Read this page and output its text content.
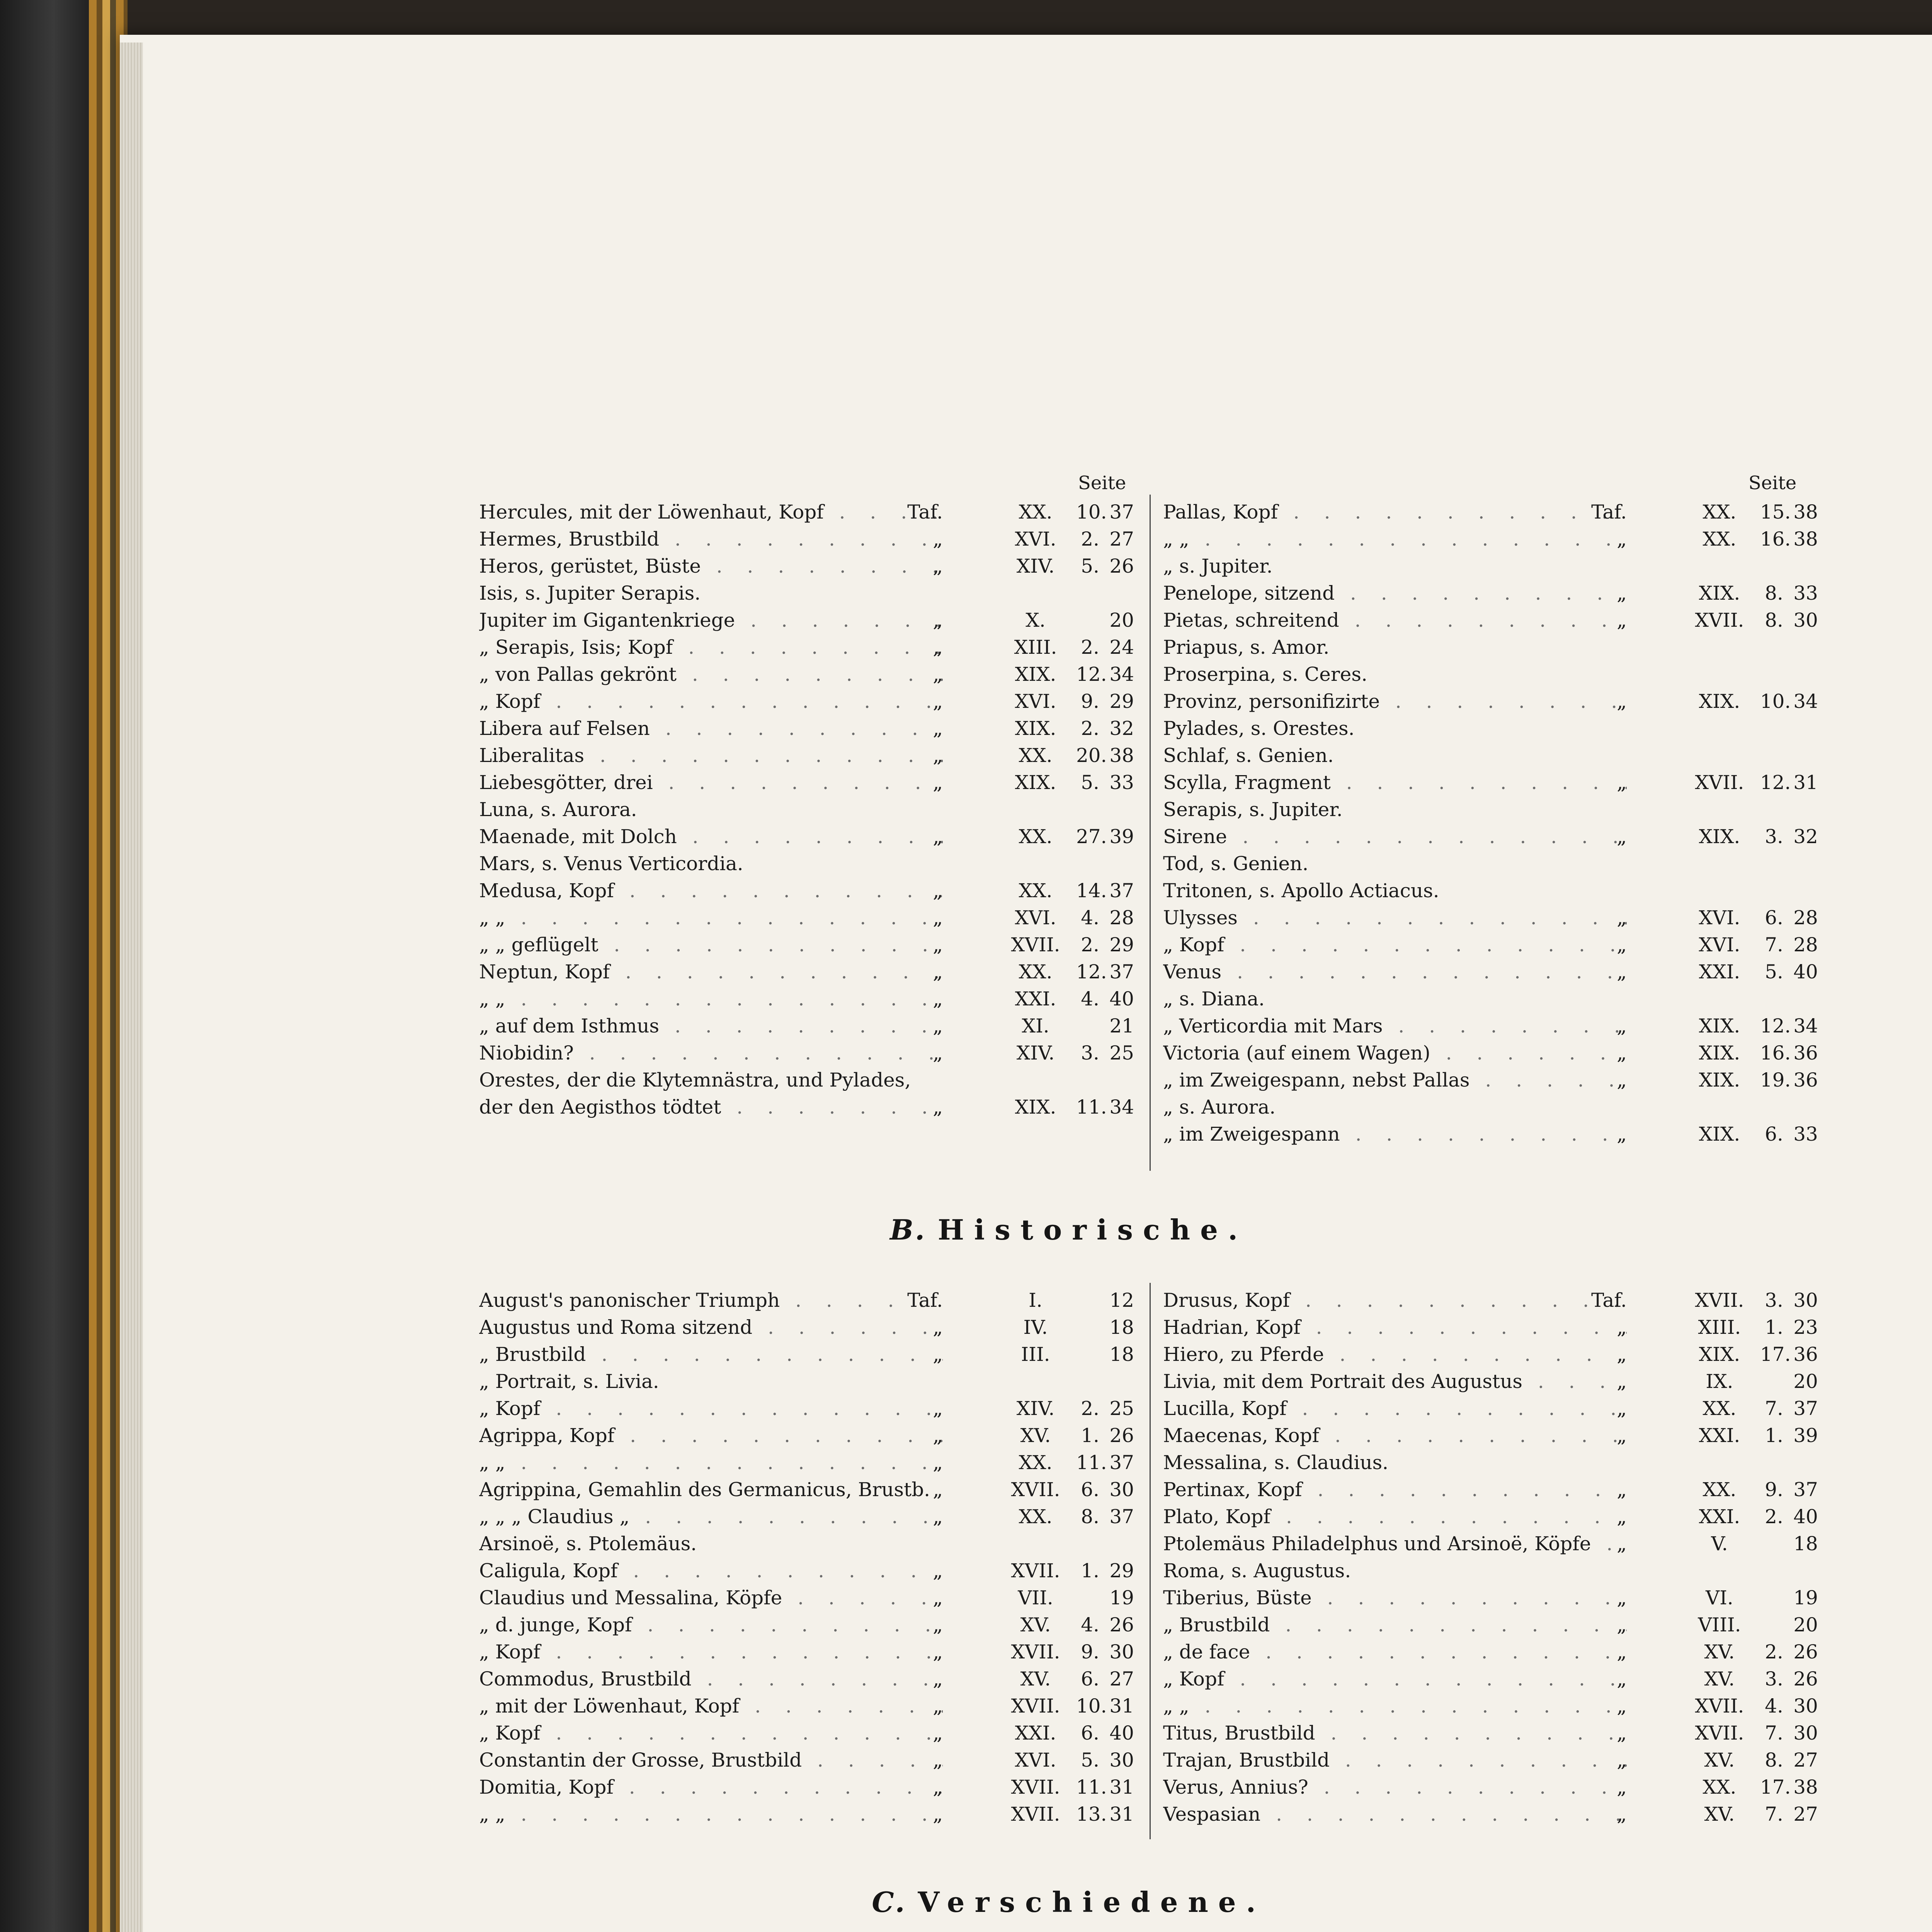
Seite	Seite
Hercules, mit der Löwenhaut, Kopf . . .	Taf.	XX.	10. 37
Hermes, Brustbild . . .	„	XVI.	2. 27
Heros, gerüstet, Büste . . .	„	XIV.	5. 26
Isis, s. Jupiter Serapis.
Jupiter im Gigantenkriege . . .	„	X.	20
„ Serapis, Isis; Kopf . . .	„	XIII.	2. 24
„ von Pallas gekrönt . . .	„	XIX.	12. 34
„ Kopf . . .	„	XVI.	9. 29
Libera auf Felsen . . .	„	XIX.	2. 32
Liberalitas . . .	„	XX.	20. 38
Liebesgötter, drei . . .	„	XIX.	5. 33
Luna, s. Aurora.
Maenade, mit Dolch . . .	„	XX.	27. 39
Mars, s. Venus Verticordia.
Medusa, Kopf . . .	„	XX.	14. 37
„ „ . . .	„	XVI.	4. 28
„ „ geflügelt . . .	„	XVII.	2. 29
Neptun, Kopf . . .	„	XX.	12. 37
„ „ . . .	„	XXI.	4. 40
„ auf dem Isthmus . . .	„	XI.	21
Niobidin? . . .	„	XIV.	3. 25
Orestes, der die Klytemnästra, und Pylades,
der den Aegisthos tödtet . . .	„	XIX.	11. 34
Pallas, Kopf . . .	Taf.	XX.	15. 38
„ „ . . .	„	XX.	16. 38
„ s. Jupiter.
Penelope, sitzend . . .	„	XIX.	8. 33
Pietas, schreitend . . .	„	XVII.	8. 30
Priapus, s. Amor.
Proserpina, s. Ceres.
Provinz, personifizirte . . .	„	XIX.	10. 34
Pylades, s. Orestes.
Schlaf, s. Genien.
Scylla, Fragment . . .	„	XVII. 12. 31
Serapis, s. Jupiter.
Sirene . . .	„	XIX.	3. 32
Tod, s. Genien.
Tritonen, s. Apollo Actiacus.
Ulysses . . .	„	XVI.	6. 28
„ Kopf . . .	„	XVI.	7. 28
Venus . . .	„	XXI.	5. 40
„ s. Diana.
„ Verticordia mit Mars . . .	„	XIX.	12. 34
Victoria (auf einem Wagen) . . .	„	XIX.	16. 36
„ im Zweigespann, nebst Pallas . . .	„	XIX.	19. 36
„ s. Aurora.
„ im Zweigespann . . .	„	XIX.	6. 33
B. Historische.
August's panonischer Triumph . . .	Taf.	I.	12
Augustus und Roma sitzend . . .	„	IV.	18
„ Brustbild . . .	„	III.	18
„ Portrait, s. Livia.
„ Kopf . . .	„	XIV.	2. 25
Agrippa, Kopf . . .	„	XV.	1. 26
„ „ . . .	„	XX.	11. 37
Agrippina, Gemahlin des Germanicus, Brustb. . . . „	XVII.	6. 30
„ „ „ Claudius „ . . .	„	XX.	8. 37
Arsinoë, s. Ptolemäus.
Caligula, Kopf . . .	„	XVII.	1. 29
Claudius und Messalina, Köpfe . . .	„	VII.	19
„ d. junge, Kopf . . .	„	XV.	4. 26
„ Kopf . . .	„	XVII.	9. 30
Commodus, Brustbild . . .	„	XV.	6. 27
„ mit der Löwenhaut, Kopf . . .	„	XVII. 10. 31
„ Kopf . . .	„	XXI.	6. 40
Constantin der Grosse, Brustbild . . .	„	XVI.	5. 30
Domitia, Kopf . . .	„	XVII. 11. 31
„ „ . . .	„	XVII. 13. 31
Drusus, Kopf . . .	Taf.	XVII.	3. 30
Hadrian, Kopf . . .	„	XIII.	1. 23
Hiero, zu Pferde . . .	„	XIX.	17. 36
Livia, mit dem Portrait des Augustus . . .	„	IX.	20
Lucilla, Kopf . . .	„	XX.	7. 37
Maecenas, Kopf . . .	„	XXI.	1. 39
Messalina, s. Claudius.
Pertinax, Kopf . . .	„	XX.	9. 37
Plato, Kopf . . .	„	XXI.	2. 40
Ptolemäus Philadelphus und Arsinoë, Köpfe . . .	„	V.	18
Roma, s. Augustus.
Tiberius, Büste . . .	„	VI.	19
„ Brustbild . . .	„	VIII.	20
„ de face . . .	„	XV.	2. 26
„ Kopf . . .	„	XV.	3. 26
„ „ . . .	„	XVII.	4. 30
Titus, Brustbild . . .	„	XVII.	7. 30
Trajan, Brustbild . . .	„	XV.	8. 27
Verus, Annius? . . .	„	XX.	17. 38
Vespasian . . .	„	XV.	7. 27
C. Verschiedene.
